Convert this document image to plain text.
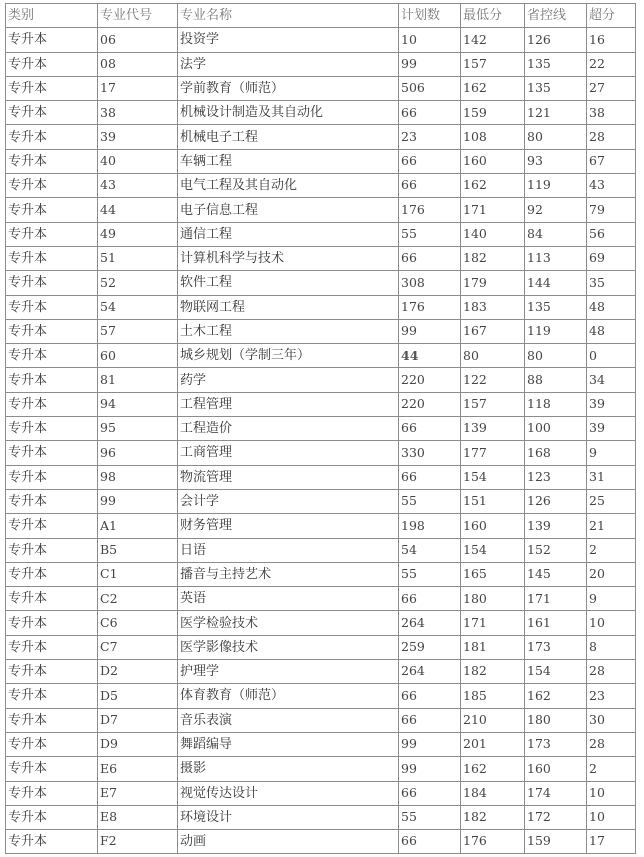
类别	专业代号	专业名称	计划数	最低分	省控线	超分
专升本	06	投资学	10	142	126	16
专升本	08	法学	99	157	135	22
专升本	17	学前教育（师范）	506	162	135	27
专升本	38	机械设计制造及其自动化	66	159	121	38
专升本	39	机械电子工程	23	108	80	28
专升本	40	车辆工程	66	160	93	67
专升本	43	电气工程及其自动化	66	162	119	43
专升本	44	电子信息工程	176	171	92	79
专升本	49	通信工程	55	140	84	56
专升本	51	计算机科学与技术	66	182	113	69
专升本	52	软件工程	308	179	144	35
专升本	54	物联网工程	176	183	135	48
专升本	57	土木工程	99	167	119	48
专升本	60	城乡规划（学制三年）	44	80	80	0
专升本	81	药学	220	122	88	34
专升本	94	工程管理	220	157	118	39
专升本	95	工程造价	66	139	100	39
专升本	96	工商管理	330	177	168	9
专升本	98	物流管理	66	154	123	31
专升本	99	会计学	55	151	126	25
专升本	A1	财务管理	198	160	139	21
专升本	B5	日语	54	154	152	2
专升本	C1	播音与主持艺术	55	165	145	20
专升本	C2	英语	66	180	171	9
专升本	C6	医学检验技术	264	171	161	10
专升本	C7	医学影像技术	259	181	173	8
专升本	D2	护理学	264	182	154	28
专升本	D5	体育教育（师范）	66	185	162	23
专升本	D7	音乐表演	66	210	180	30
专升本	D9	舞蹈编导	99	201	173	28
专升本	E6	摄影	99	162	160	2
专升本	E7	视觉传达设计	66	184	174	10
专升本	E8	环境设计	55	182	172	10
专升本	F2	动画	66	176	159	17
